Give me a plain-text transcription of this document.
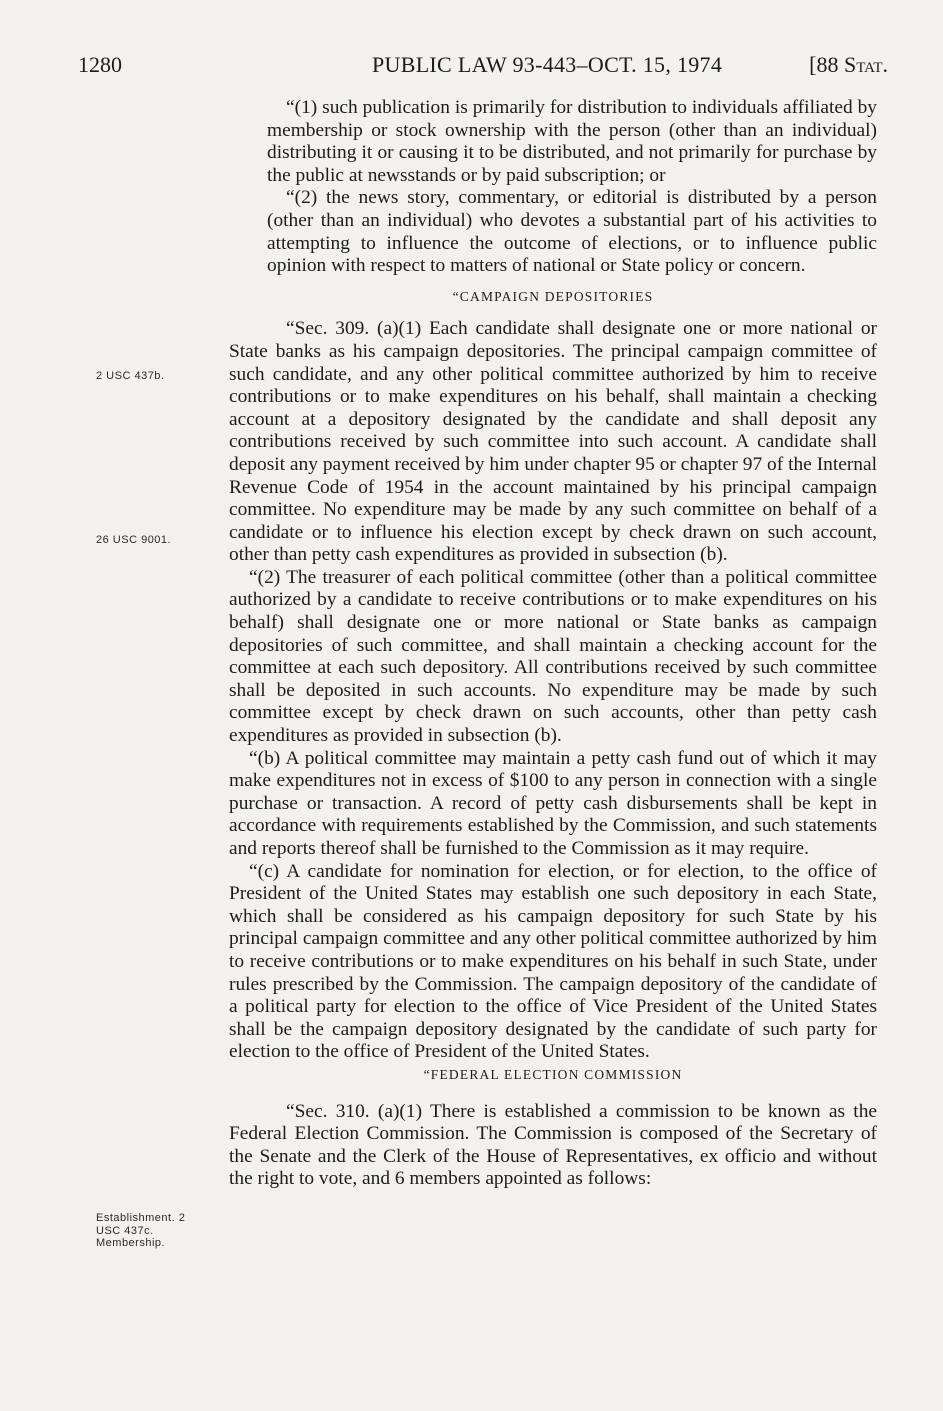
1280	PUBLIC LAW 93-443–OCT. 15, 1974	[88 Stat.
2 USC 437b.
26 USC 9001.
Establishment. 2 USC 437c. Membership.

“(1) such publication is primarily for distribution to individuals affiliated by membership or stock ownership with the person (other than an individual) distributing it or causing it to be distributed, and not primarily for purchase by the public at newsstands or by paid subscription; or

“(2) the news story, commentary, or editorial is distributed by a person (other than an individual) who devotes a substantial part of his activities to attempting to influence the outcome of elections, or to influence public opinion with respect to matters of national or State policy or concern.

“CAMPAIGN DEPOSITORIES

“Sec. 309. (a)(1) Each candidate shall designate one or more national or State banks as his campaign depositories. The principal campaign committee of such candidate, and any other political committee authorized by him to receive contributions or to make expenditures on his behalf, shall maintain a checking account at a depository designated by the candidate and shall deposit any contributions received by such committee into such account. A candidate shall deposit any payment received by him under chapter 95 or chapter 97 of the Internal Revenue Code of 1954 in the account maintained by his principal campaign committee. No expenditure may be made by any such committee on behalf of a candidate or to influence his election except by check drawn on such account, other than petty cash expenditures as provided in subsection (b).

“(2) The treasurer of each political committee (other than a political committee authorized by a candidate to receive contributions or to make expenditures on his behalf) shall designate one or more national or State banks as campaign depositories of such committee, and shall maintain a checking account for the committee at each such depository. All contributions received by such committee shall be deposited in such accounts. No expenditure may be made by such committee except by check drawn on such accounts, other than petty cash expenditures as provided in subsection (b).

“(b) A political committee may maintain a petty cash fund out of which it may make expenditures not in excess of $100 to any person in connection with a single purchase or transaction. A record of petty cash disbursements shall be kept in accordance with requirements established by the Commission, and such statements and reports thereof shall be furnished to the Commission as it may require.

“(c) A candidate for nomination for election, or for election, to the office of President of the United States may establish one such depository in each State, which shall be considered as his campaign depository for such State by his principal campaign committee and any other political committee authorized by him to receive contributions or to make expenditures on his behalf in such State, under rules prescribed by the Commission. The campaign depository of the candidate of a political party for election to the office of Vice President of the United States shall be the campaign depository designated by the candidate of such party for election to the office of President of the United States.

“FEDERAL ELECTION COMMISSION

“Sec. 310. (a)(1) There is established a commission to be known as the Federal Election Commission. The Commission is composed of the Secretary of the Senate and the Clerk of the House of Representatives, ex officio and without the right to vote, and 6 members appointed as follows:
